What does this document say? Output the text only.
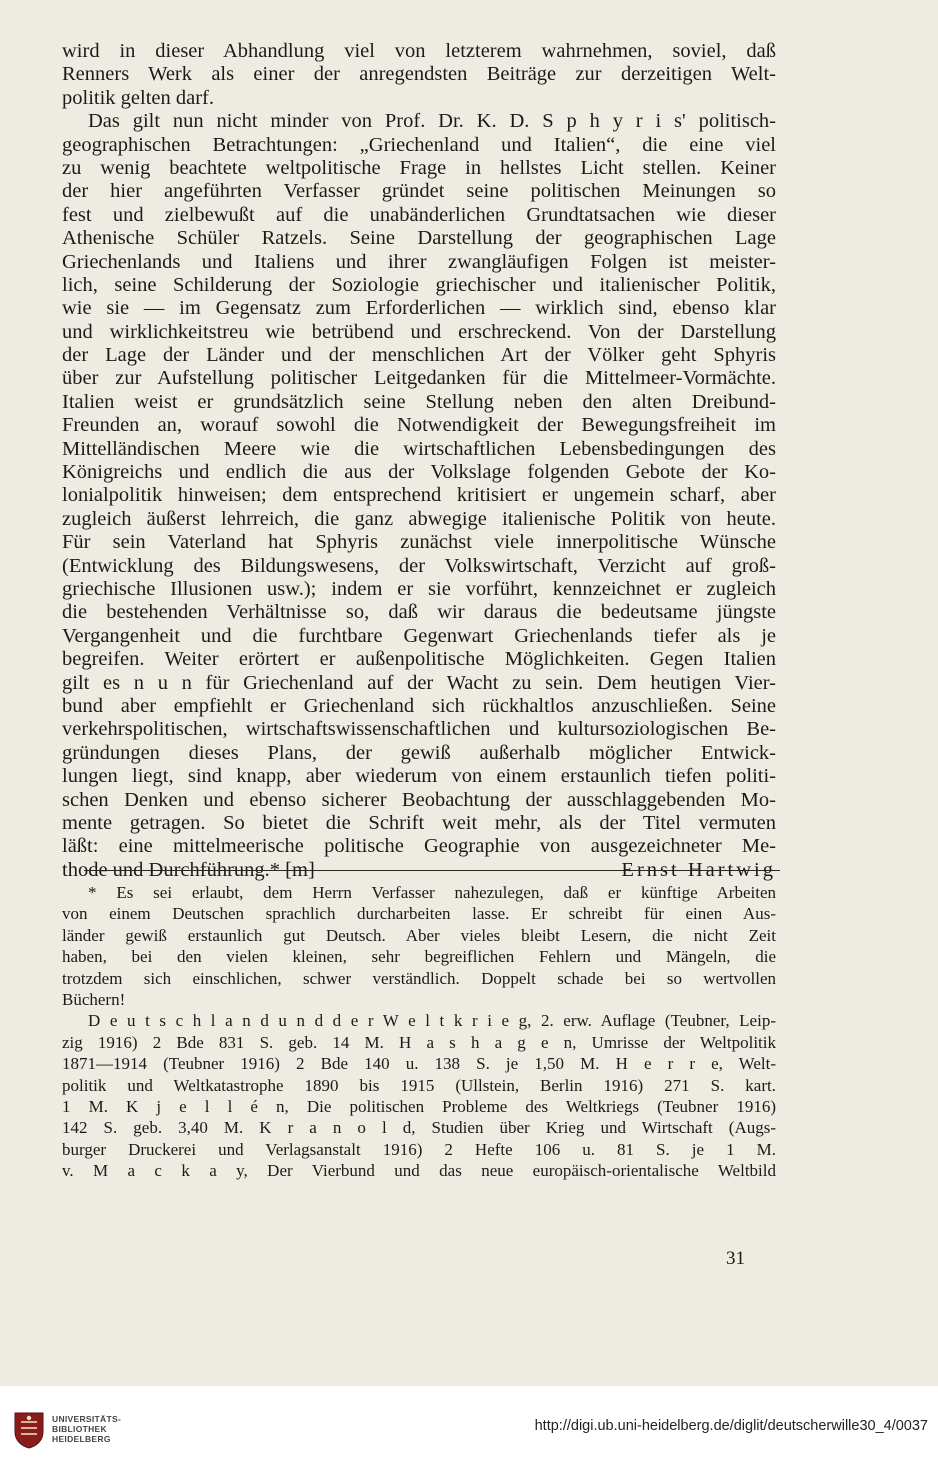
wird in dieser Abhandlung viel von letzterem wahrnehmen, soviel, daß
Renners Werk als einer der anregendsten Beiträge zur derzeitigen Welt-
politik gelten darf.
Das gilt nun nicht minder von Prof. Dr. K. D. S p h y r i s' politisch-
geographischen Betrachtungen: „Griechenland und Italien“, die eine viel
zu wenig beachtete weltpolitische Frage in hellstes Licht stellen. Keiner
der hier angeführten Verfasser gründet seine politischen Meinungen so
fest und zielbewußt auf die unabänderlichen Grundtatsachen wie dieser
Athenische Schüler Ratzels. Seine Darstellung der geographischen Lage
Griechenlands und Italiens und ihrer zwangläufigen Folgen ist meister-
lich, seine Schilderung der Soziologie griechischer und italienischer Politik,
wie sie — im Gegensatz zum Erforderlichen — wirklich sind, ebenso klar
und wirklichkeitstreu wie betrübend und erschreckend. Von der Darstellung
der Lage der Länder und der menschlichen Art der Völker geht Sphyris
über zur Aufstellung politischer Leitgedanken für die Mittelmeer-Vormächte.
Italien weist er grundsätzlich seine Stellung neben den alten Dreibund-
Freunden an, worauf sowohl die Notwendigkeit der Bewegungsfreiheit im
Mittelländischen Meere wie die wirtschaftlichen Lebensbedingungen des
Königreichs und endlich die aus der Volkslage folgenden Gebote der Ko-
lonialpolitik hinweisen; dem entsprechend kritisiert er ungemein scharf, aber
zugleich äußerst lehrreich, die ganz abwegige italienische Politik von heute.
Für sein Vaterland hat Sphyris zunächst viele innerpolitische Wünsche
(Entwicklung des Bildungswesens, der Volkswirtschaft, Verzicht auf groß-
griechische Illusionen usw.); indem er sie vorführt, kennzeichnet er zugleich
die bestehenden Verhältnisse so, daß wir daraus die bedeutsame jüngste
Vergangenheit und die furchtbare Gegenwart Griechenlands tiefer als je
begreifen. Weiter erörtert er außenpolitische Möglichkeiten. Gegen Italien
gilt es n u n für Griechenland auf der Wacht zu sein. Dem heutigen Vier-
bund aber empfiehlt er Griechenland sich rückhaltlos anzuschließen. Seine
verkehrspolitischen, wirtschaftswissenschaftlichen und kultursoziologischen Be-
gründungen dieses Plans, der gewiß außerhalb möglicher Entwick-
lungen liegt, sind knapp, aber wiederum von einem erstaunlich tiefen politi-
schen Denken und ebenso sicherer Beobachtung der ausschlaggebenden Mo-
mente getragen. So bietet die Schrift weit mehr, als der Titel vermuten
läßt: eine mittelmeerische politische Geographie von ausgezeichneter Me-
thode und Durchführung.* [m]	Ernst Hartwig
* Es sei erlaubt, dem Herrn Verfasser nahezulegen, daß er künftige Arbeiten
von einem Deutschen sprachlich durcharbeiten lasse. Er schreibt für einen Aus-
länder gewiß erstaunlich gut Deutsch. Aber vieles bleibt Lesern, die nicht Zeit
haben, bei den vielen kleinen, sehr begreiflichen Fehlern und Mängeln, die
trotzdem sich einschlichen, schwer verständlich. Doppelt schade bei so wertvollen
Büchern!
D e u t s c h l a n d u n d d e r W e l t k r i e g, 2. erw. Auflage (Teubner, Leip-
zig 1916) 2 Bde 831 S. geb. 14 M. H a s h a g e n, Umrisse der Weltpolitik
1871—1914 (Teubner 1916) 2 Bde 140 u. 138 S. je 1,50 M. H e r r e, Welt-
politik und Weltkatastrophe 1890 bis 1915 (Ullstein, Berlin 1916) 271 S. kart.
1 M. K j e l l é n, Die politischen Probleme des Weltkriegs (Teubner 1916)
142 S. geb. 3,40 M. K r a n o l d, Studien über Krieg und Wirtschaft (Augs-
burger Druckerei und Verlagsanstalt 1916) 2 Hefte 106 u. 81 S. je 1 M.
v. M a c k a y, Der Vierbund und das neue europäisch-orientalische Weltbild
31
UNIVERSITÄTS-
BIBLIOTHEK
HEIDELBERG
http://digi.ub.uni-heidelberg.de/diglit/deutscherwille30_4/0037
